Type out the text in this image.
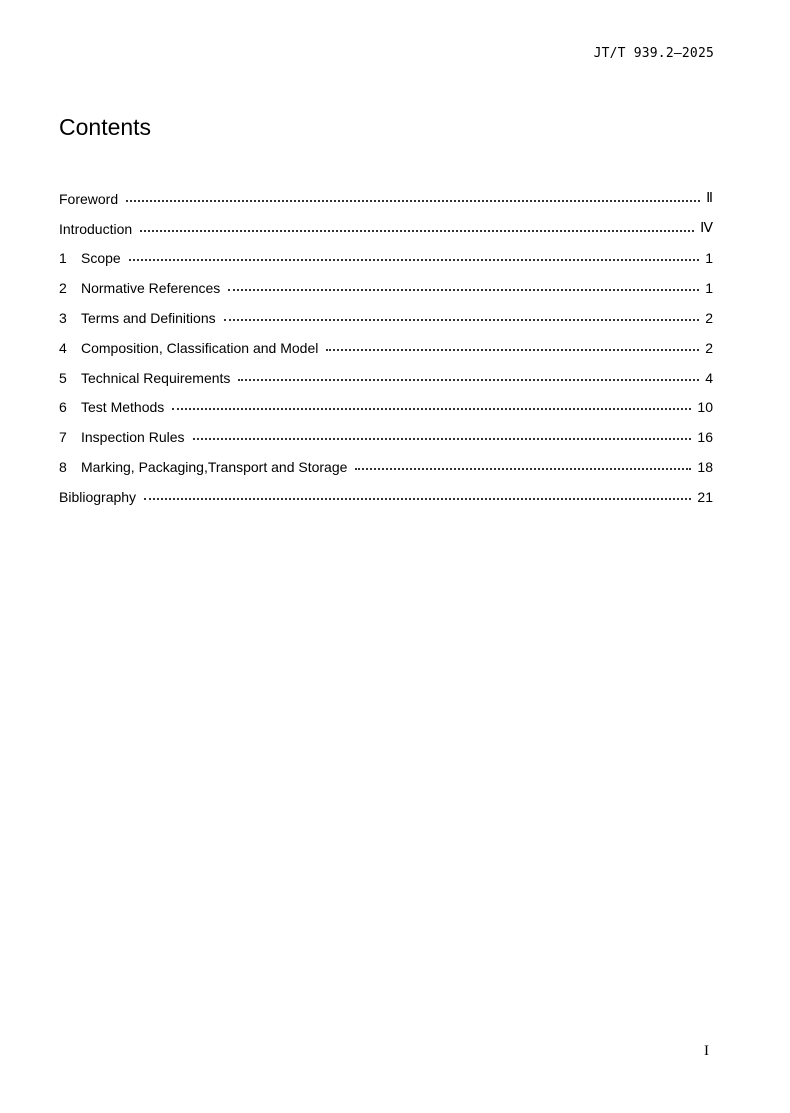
JT/T 939.2—2025
Contents
Foreword	Ⅱ
Introduction	Ⅳ
1	Scope	1
2	Normative References	1
3	Terms and Definitions	2
4	Composition, Classification and Model	2
5	Technical Requirements	4
6	Test Methods	10
7	Inspection Rules	16
8	Marking, Packaging,Transport and Storage	18
Bibliography	21
I
